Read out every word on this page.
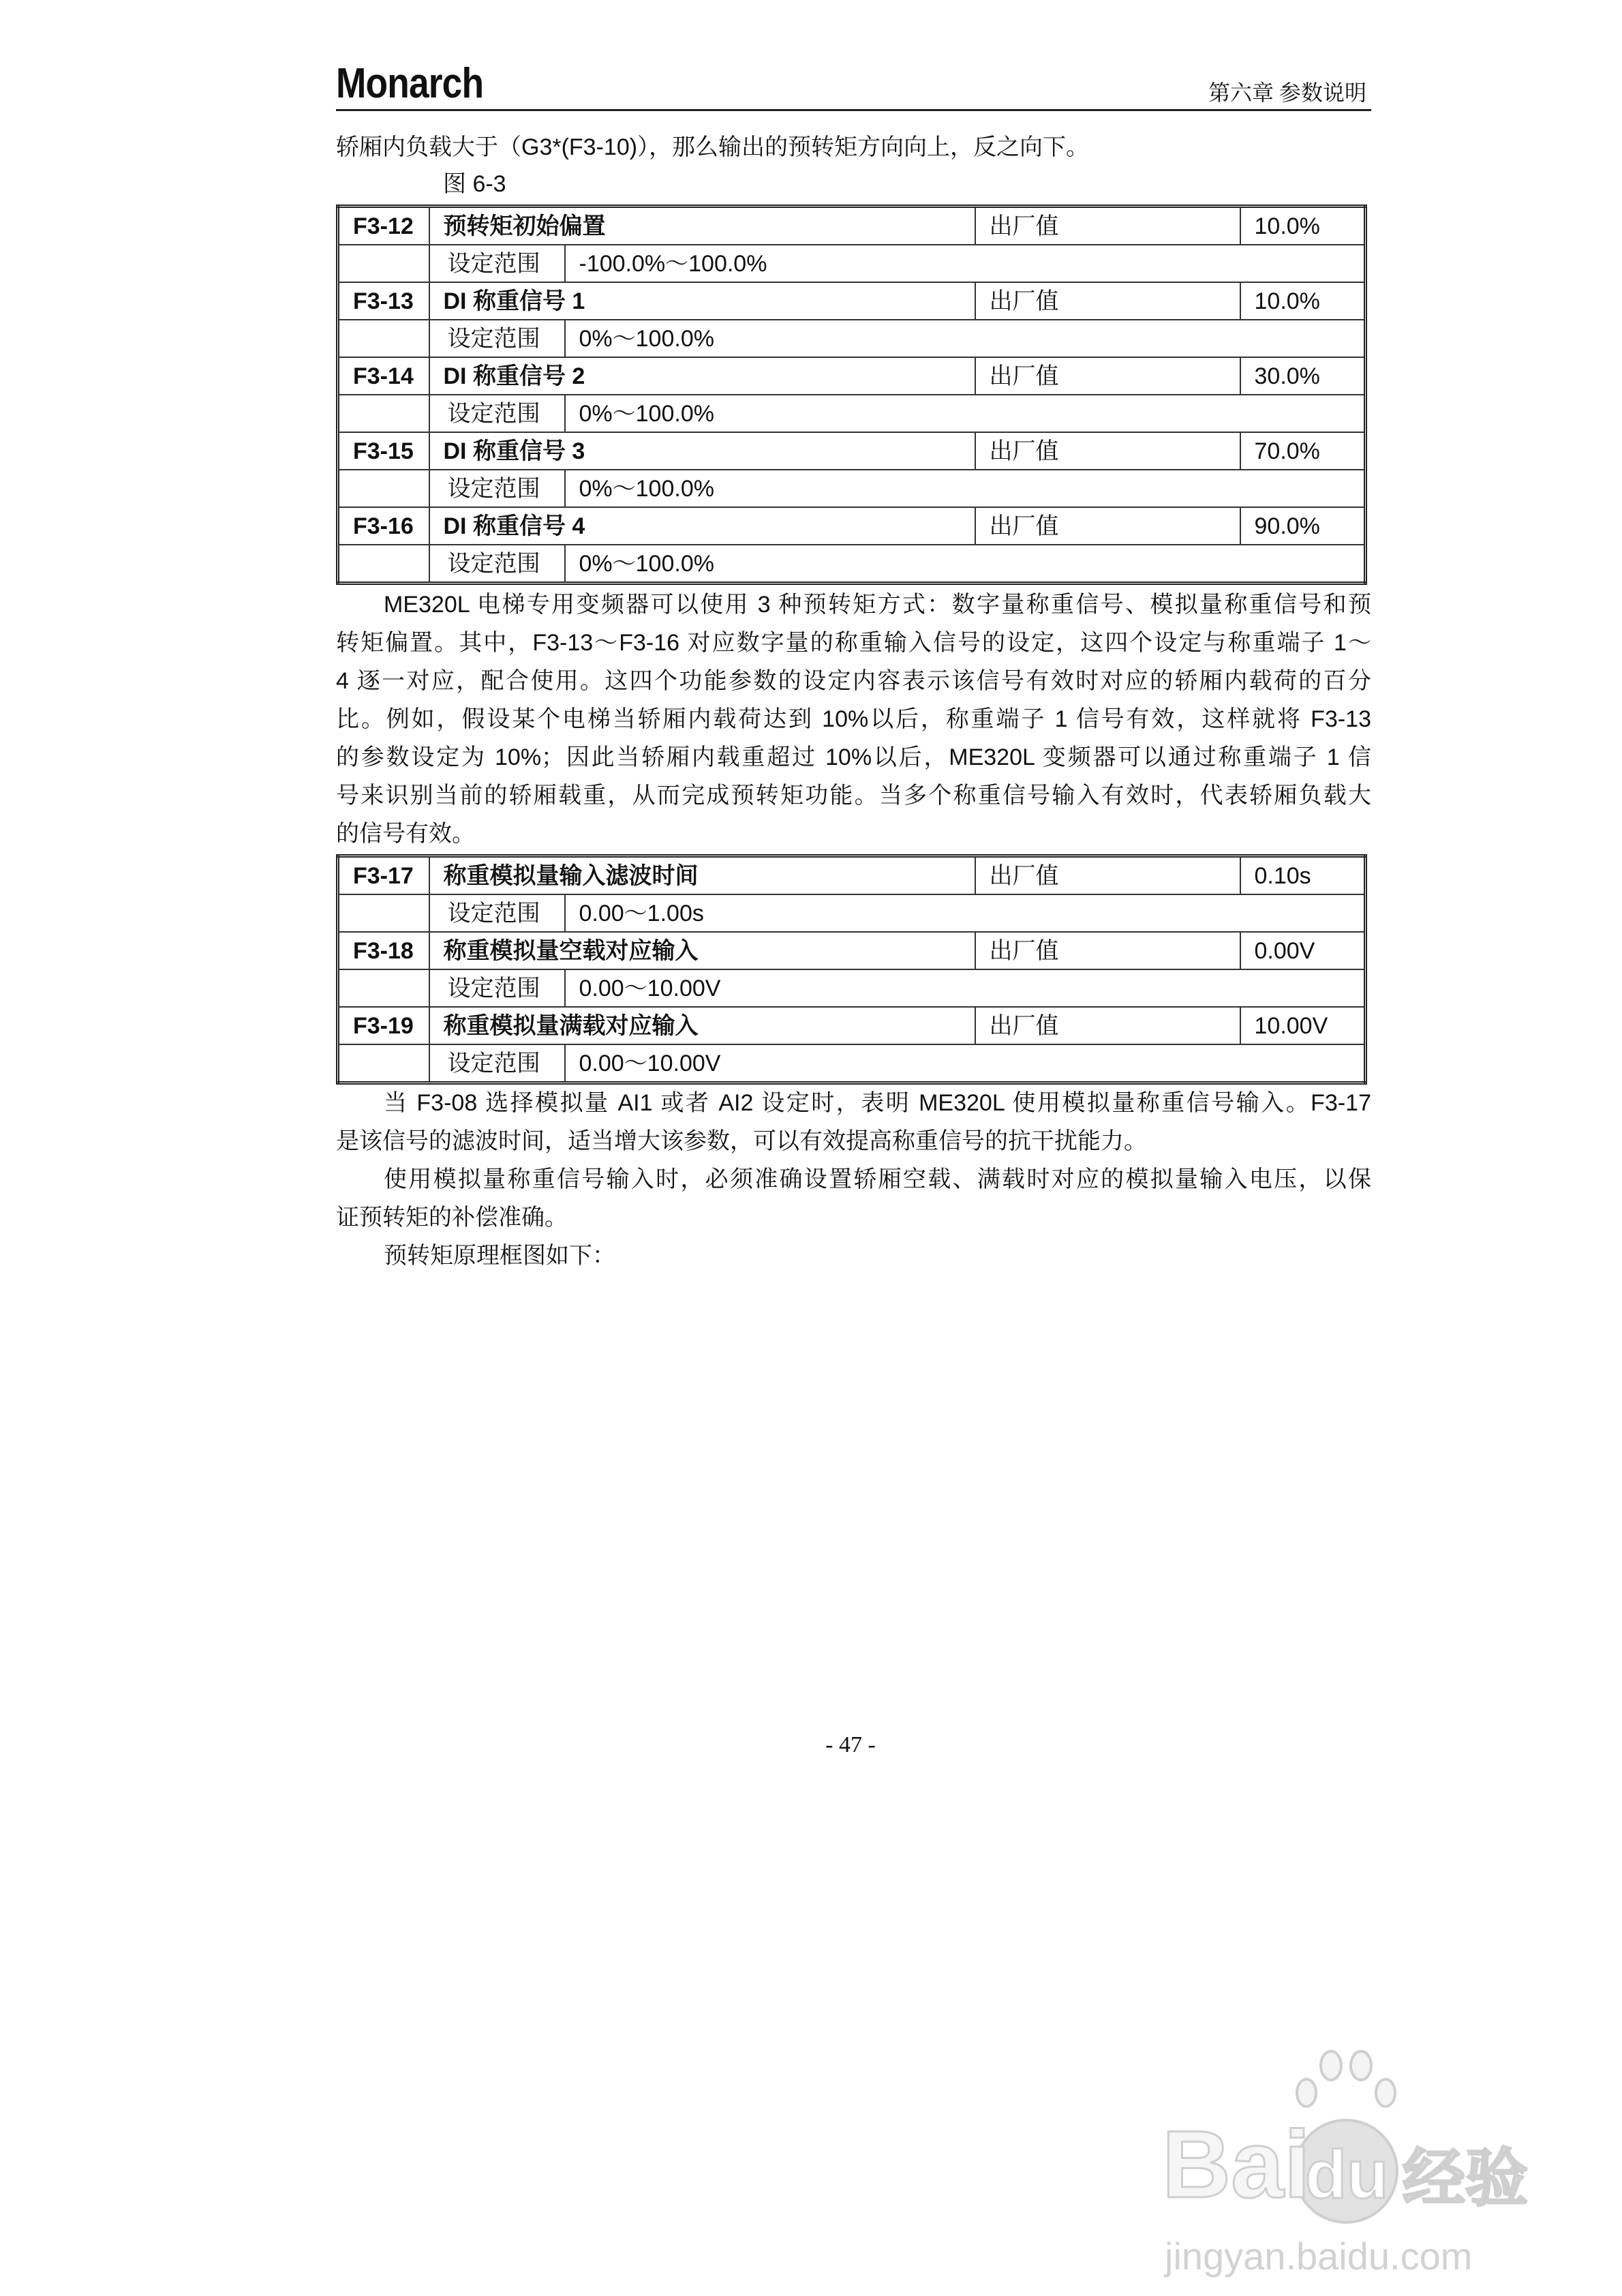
Monarch	第六章 参数说明
轿厢内负载大于（G3*(F3-10)），那么输出的预转矩方向向上，反之向下。
图 6-3
F3-12	预转矩初始偏置		出厂值	10.0%
	设定范围	-100.0%～100.0%		
F3-13	DI 称重信号 1		出厂值	10.0%
	设定范围	0%～100.0%		
F3-14	DI 称重信号 2		出厂值	30.0%
	设定范围	0%～100.0%		
F3-15	DI 称重信号 3		出厂值	70.0%
	设定范围	0%～100.0%		
F3-16	DI 称重信号 4		出厂值	90.0%
	设定范围	0%～100.0%		
ME320L 电梯专用变频器可以使用 3 种预转矩方式：数字量称重信号、模拟量称重信号和预
转矩偏置。其中，F3-13～F3-16 对应数字量的称重输入信号的设定，这四个设定与称重端子 1～
4 逐一对应，配合使用。这四个功能参数的设定内容表示该信号有效时对应的轿厢内载荷的百分
比。例如，假设某个电梯当轿厢内载荷达到 10%以后，称重端子 1 信号有效，这样就将 F3-13
的参数设定为 10%；因此当轿厢内载重超过 10%以后，ME320L 变频器可以通过称重端子 1 信
号来识别当前的轿厢载重，从而完成预转矩功能。当多个称重信号输入有效时，代表轿厢负载大
的信号有效。
F3-17	称重模拟量输入滤波时间		出厂值	0.10s
	设定范围	0.00～1.00s		
F3-18	称重模拟量空载对应输入		出厂值	0.00V
	设定范围	0.00～10.00V		
F3-19	称重模拟量满载对应输入		出厂值	10.00V
	设定范围	0.00～10.00V		
当 F3-08 选择模拟量 AI1 或者 AI2 设定时，表明 ME320L 使用模拟量称重信号输入。F3-17
是该信号的滤波时间，适当增大该参数，可以有效提高称重信号的抗干扰能力。
使用模拟量称重信号输入时，必须准确设置轿厢空载、满载时对应的模拟量输入电压，以保
证预转矩的补偿准确。
预转矩原理框图如下：
- 47 -
Bai
du 经验
jingyan.baidu.com
